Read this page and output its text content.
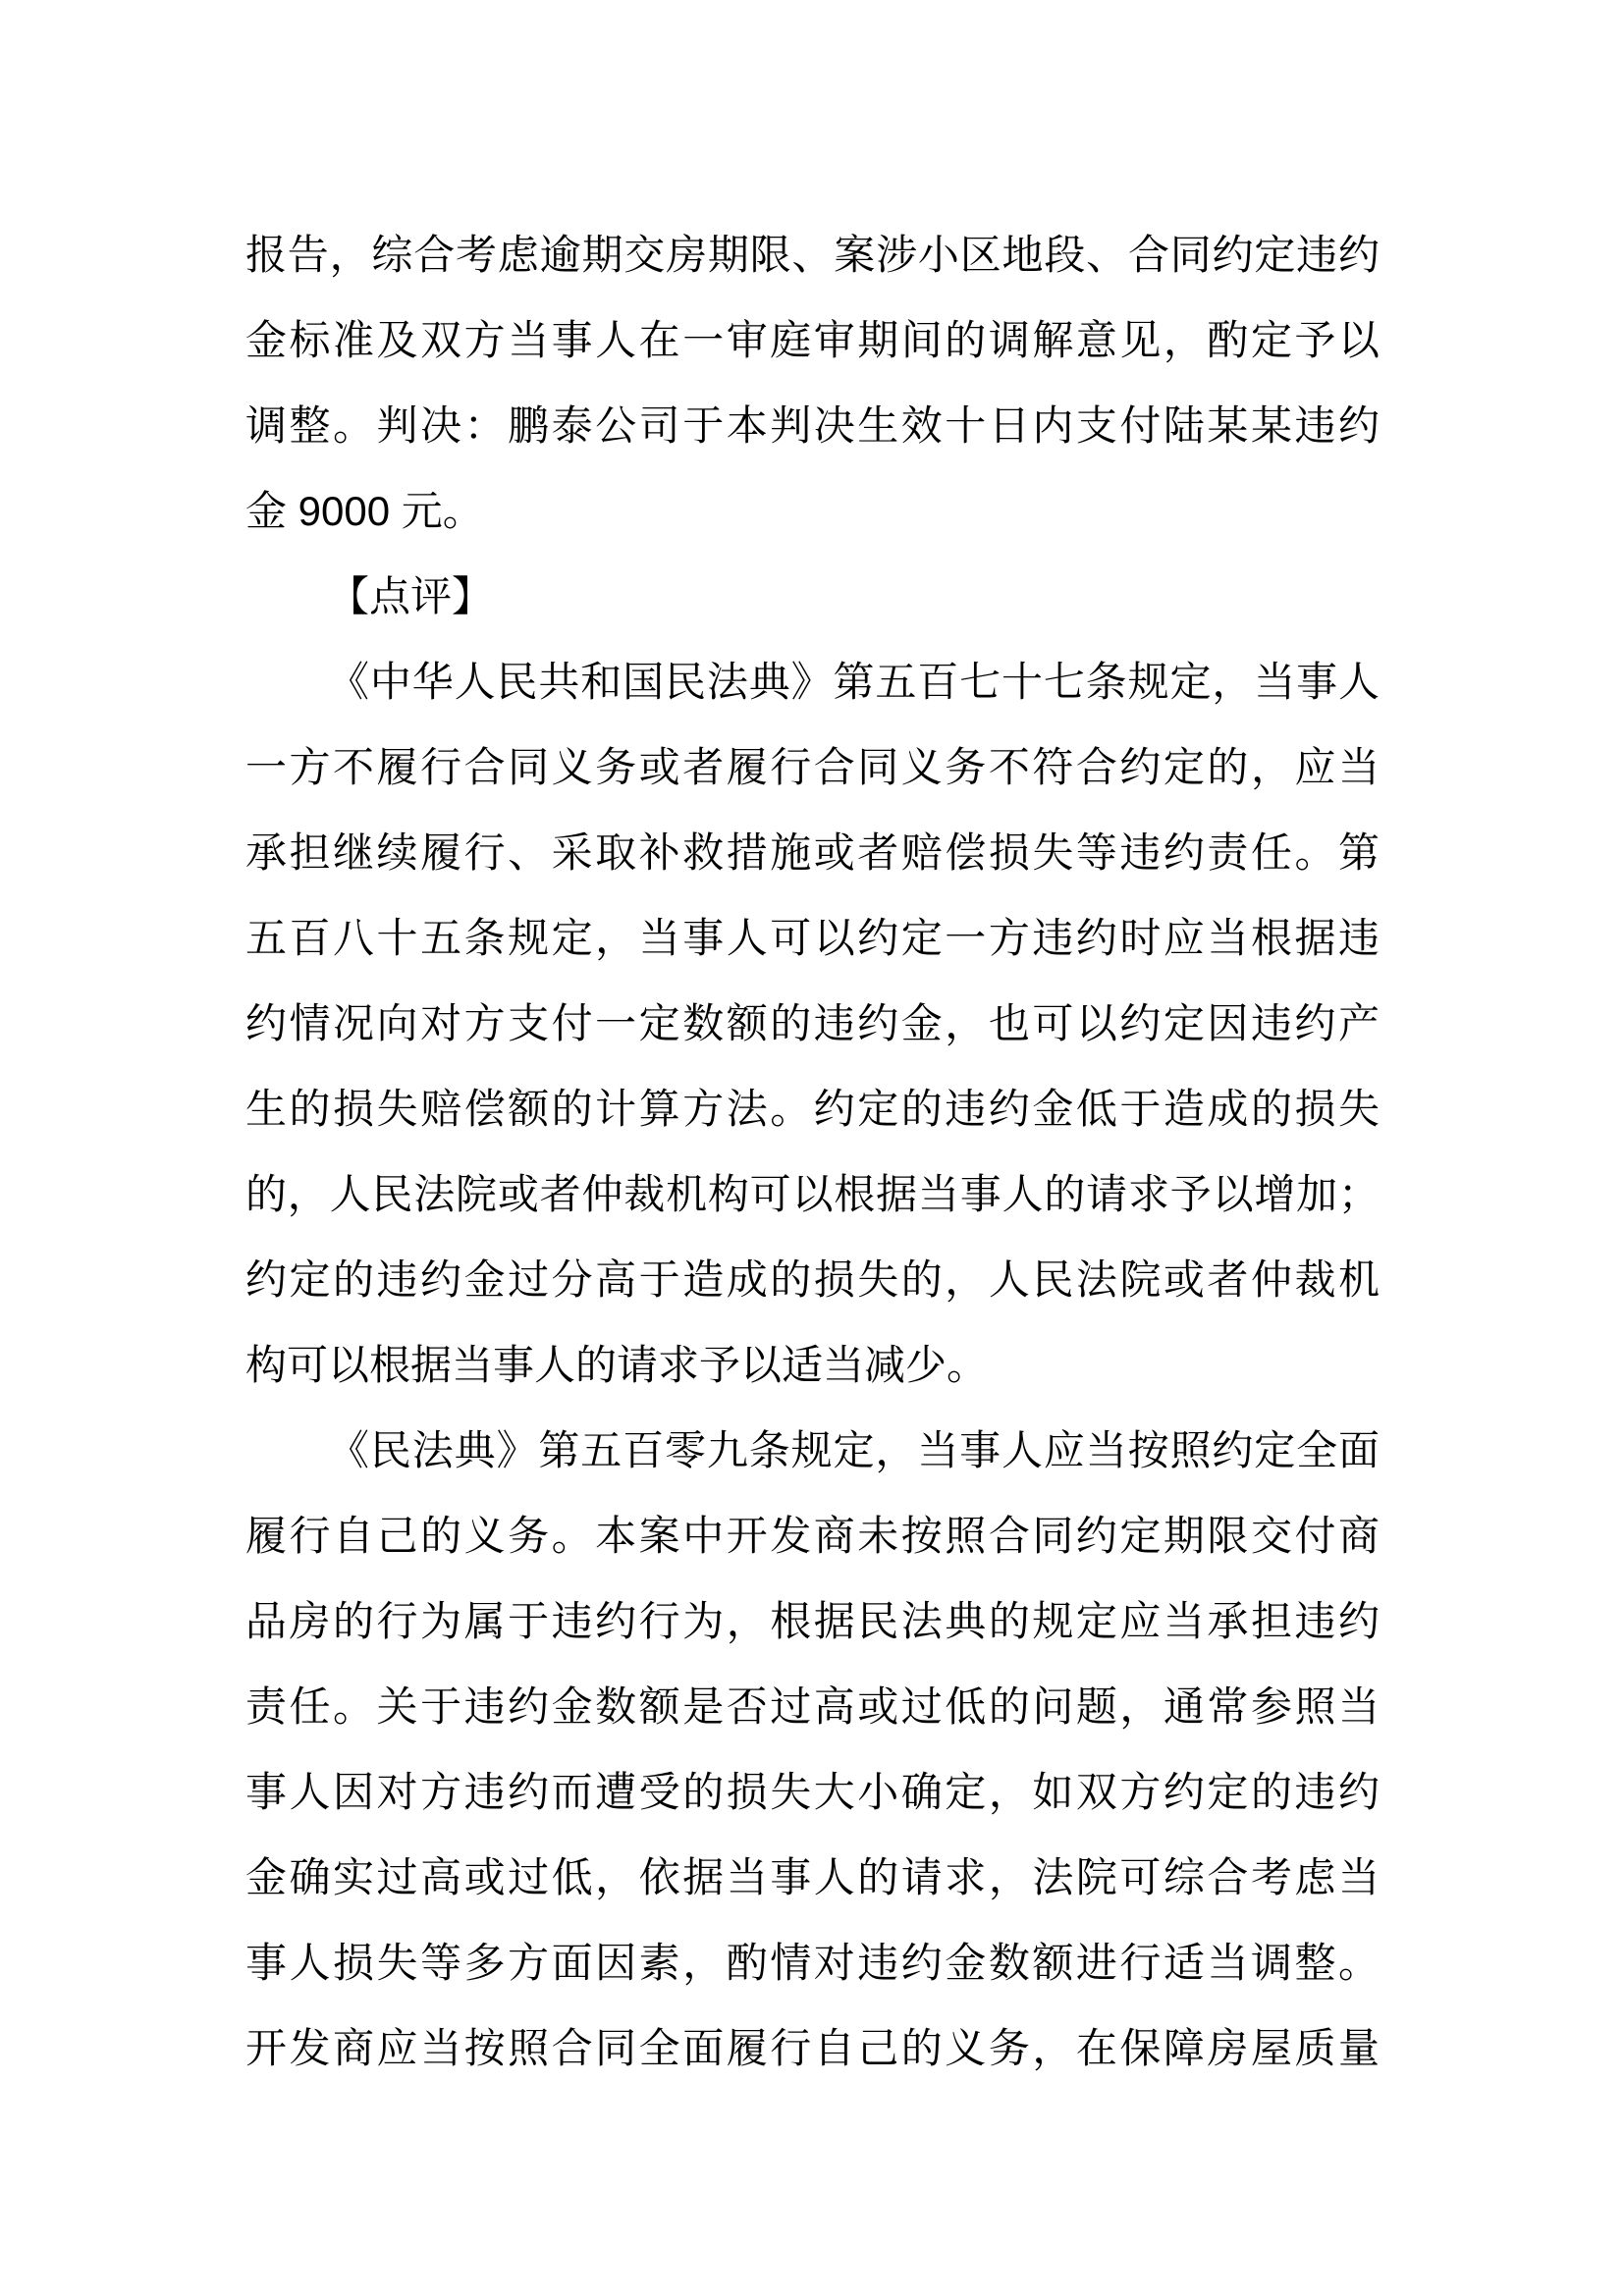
报告，综合考虑逾期交房期限、案涉小区地段、合同约定违约
金标准及双方当事人在一审庭审期间的调解意见，酌定予以
调整。判决：鹏泰公司于本判决生效十日内支付陆某某违约
金 9000 元。
【点评】
《中华人民共和国民法典》第五百七十七条规定，当事人
一方不履行合同义务或者履行合同义务不符合约定的，应当
承担继续履行、采取补救措施或者赔偿损失等违约责任。第
五百八十五条规定，当事人可以约定一方违约时应当根据违
约情况向对方支付一定数额的违约金，也可以约定因违约产
生的损失赔偿额的计算方法。约定的违约金低于造成的损失
的，人民法院或者仲裁机构可以根据当事人的请求予以增加；
约定的违约金过分高于造成的损失的，人民法院或者仲裁机
构可以根据当事人的请求予以适当减少。
《民法典》第五百零九条规定，当事人应当按照约定全面
履行自己的义务。本案中开发商未按照合同约定期限交付商
品房的行为属于违约行为，根据民法典的规定应当承担违约
责任。关于违约金数额是否过高或过低的问题，通常参照当
事人因对方违约而遭受的损失大小确定，如双方约定的违约
金确实过高或过低，依据当事人的请求，法院可综合考虑当
事人损失等多方面因素，酌情对违约金数额进行适当调整。
开发商应当按照合同全面履行自己的义务，在保障房屋质量
